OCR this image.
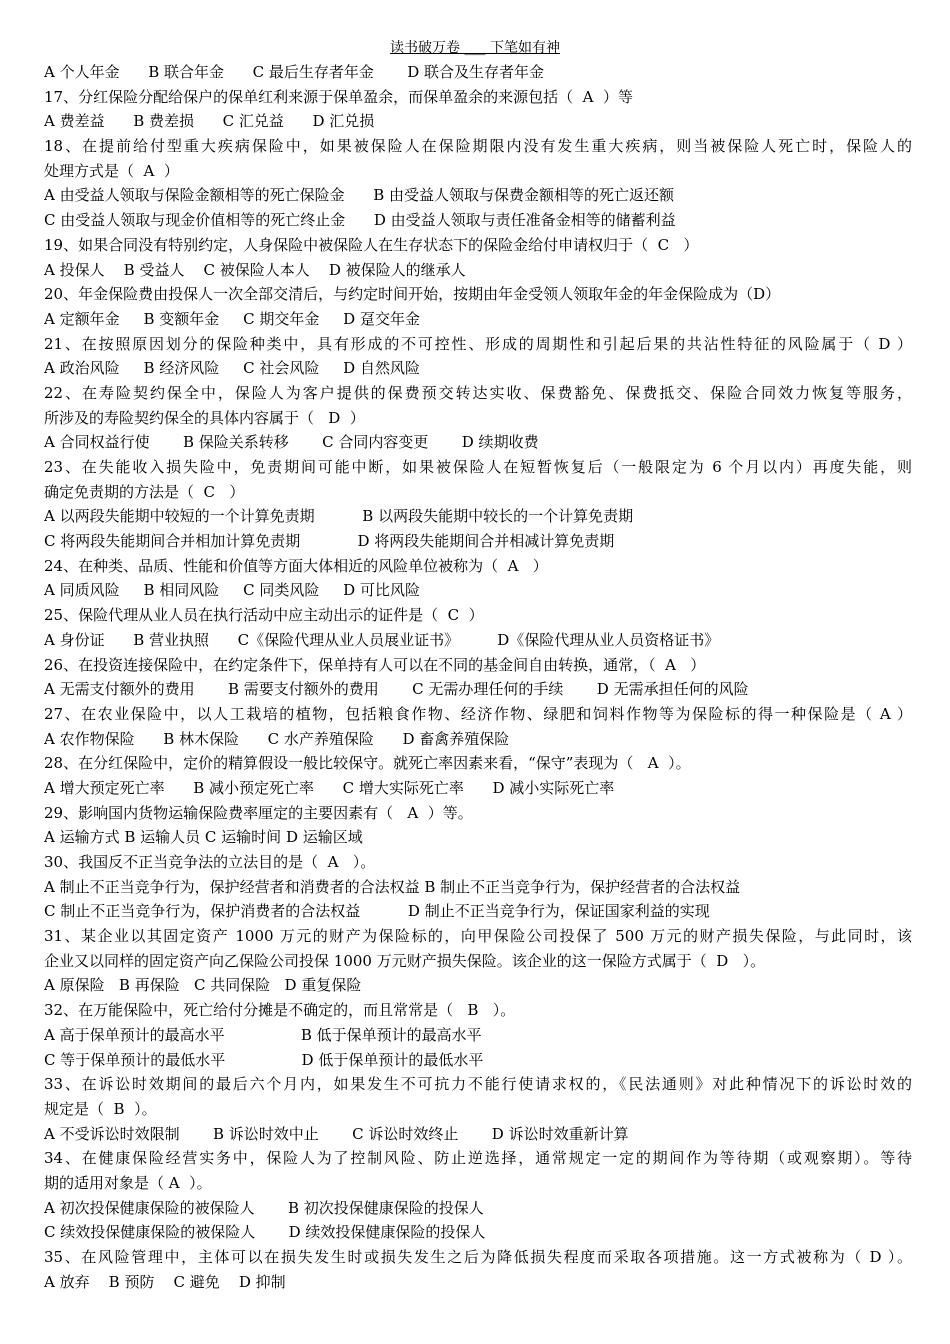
读书破万卷 ___ 下笔如有神
A 个人年金      B 联合年金      C 最后生存者年金       D 联合及生存者年金
17、分红保险分配给保户的保单红利来源于保单盈余，而保单盈余的来源包括（  A  ）等
A 费差益      B 费差损      C 汇兑益      D 汇兑损
18、在提前给付型重大疾病保险中，如果被保险人在保险期限内没有发生重大疾病，则当被保险人死亡时，保险人的
处理方式是（  A  ）
A 由受益人领取与保险金额相等的死亡保险金      B 由受益人领取与保费金额相等的死亡返还额
C 由受益人领取与现金价值相等的死亡终止金      D 由受益人领取与责任准备金相等的储蓄利益
19、如果合同没有特别约定，人身保险中被保险人在生存状态下的保险金给付申请权归于（  C   ）
A 投保人    B 受益人    C 被保险人本人    D 被保险人的继承人
20、年金保险费由投保人一次全部交清后，与约定时间开始，按期由年金受领人领取年金的年金保险成为（D）
A 定额年金     B 变额年金     C 期交年金     D 趸交年金
21、在按照原因划分的保险种类中，具有形成的不可控性、形成的周期性和引起后果的共沾性特征的风险属于（ D ）
A 政治风险     B 经济风险     C 社会风险     D 自然风险
22、在寿险契约保全中，保险人为客户提供的保费预交转达实收、保费豁免、保费抵交、保险合同效力恢复等服务，
所涉及的寿险契约保全的具体内容属于（   D  ）
A 合同权益行使       B 保险关系转移       C 合同内容变更       D 续期收费
23、在失能收入损失险中，免责期间可能中断，如果被保险人在短暂恢复后（一般限定为 6 个月以内）再度失能，则
确定免责期的方法是（  C   ）
A 以两段失能期中较短的一个计算免责期          B 以两段失能期中较长的一个计算免责期
C 将两段失能期间合并相加计算免责期            D 将两段失能期间合并相减计算免责期
24、在种类、品质、性能和价值等方面大体相近的风险单位被称为（  A   ）
A 同质风险     B 相同风险     C 同类风险     D 可比风险
25、保险代理从业人员在执行活动中应主动出示的证件是（  C  ）
A 身份证      B 营业执照      C《保险代理从业人员展业证书》        D《保险代理从业人员资格证书》
26、在投资连接保险中，在约定条件下，保单持有人可以在不同的基金间自由转换，通常，（  A   ）
A 无需支付额外的费用       B 需要支付额外的费用       C 无需办理任何的手续       D 无需承担任何的风险
27、在农业保险中，以人工栽培的植物，包括粮食作物、经济作物、绿肥和饲料作物等为保险标的得一种保险是（ A ）
A 农作物保险      B 林木保险      C 水产养殖保险      D 畜禽养殖保险
28、在分红保险中，定价的精算假设一般比较保守。就死亡率因素来看，“保守”表现为（   A  ）。
A 增大预定死亡率      B 减小预定死亡率      C 增大实际死亡率      D 减小实际死亡率
29、影响国内货物运输保险费率厘定的主要因素有（   A  ）等。
A 运输方式 B 运输人员 C 运输时间 D 运输区域
30、我国反不正当竞争法的立法目的是（  A   ）。
A 制止不正当竞争行为，保护经营者和消费者的合法权益 B 制止不正当竞争行为，保护经营者的合法权益
C 制止不正当竞争行为，保护消费者的合法权益          D 制止不正当竞争行为，保证国家利益的实现
31、某企业以其固定资产 1000 万元的财产为保险标的，向甲保险公司投保了 500 万元的财产损失保险，与此同时，该
企业又以同样的固定资产向乙保险公司投保 1000 万元财产损失保险。该企业的这一保险方式属于（  D   ）。
A 原保险   B 再保险   C 共同保险   D 重复保险
32、在万能保险中，死亡给付分摊是不确定的，而且常常是（   B   ）。
A 高于保单预计的最高水平                B 低于保单预计的最高水平
C 等于保单预计的最低水平                D 低于保单预计的最低水平
33、在诉讼时效期间的最后六个月内，如果发生不可抗力不能行使请求权的，《民法通则》对此种情况下的诉讼时效的
规定是（  B  ）。
A 不受诉讼时效限制       B 诉讼时效中止       C 诉讼时效终止       D 诉讼时效重新计算
34、在健康保险经营实务中，保险人为了控制风险、防止逆选择，通常规定一定的期间作为等待期（或观察期）。等待
期的适用对象是（ A  ）。
A 初次投保健康保险的被保险人       B 初次投保健康保险的投保人
C 续效投保健康保险的被保险人       D 续效投保健康保险的投保人
35、在风险管理中，主体可以在损失发生时或损失发生之后为降低损失程度而采取各项措施。这一方式被称为（ D ）。
A 放弃    B 预防    C 避免    D 抑制
